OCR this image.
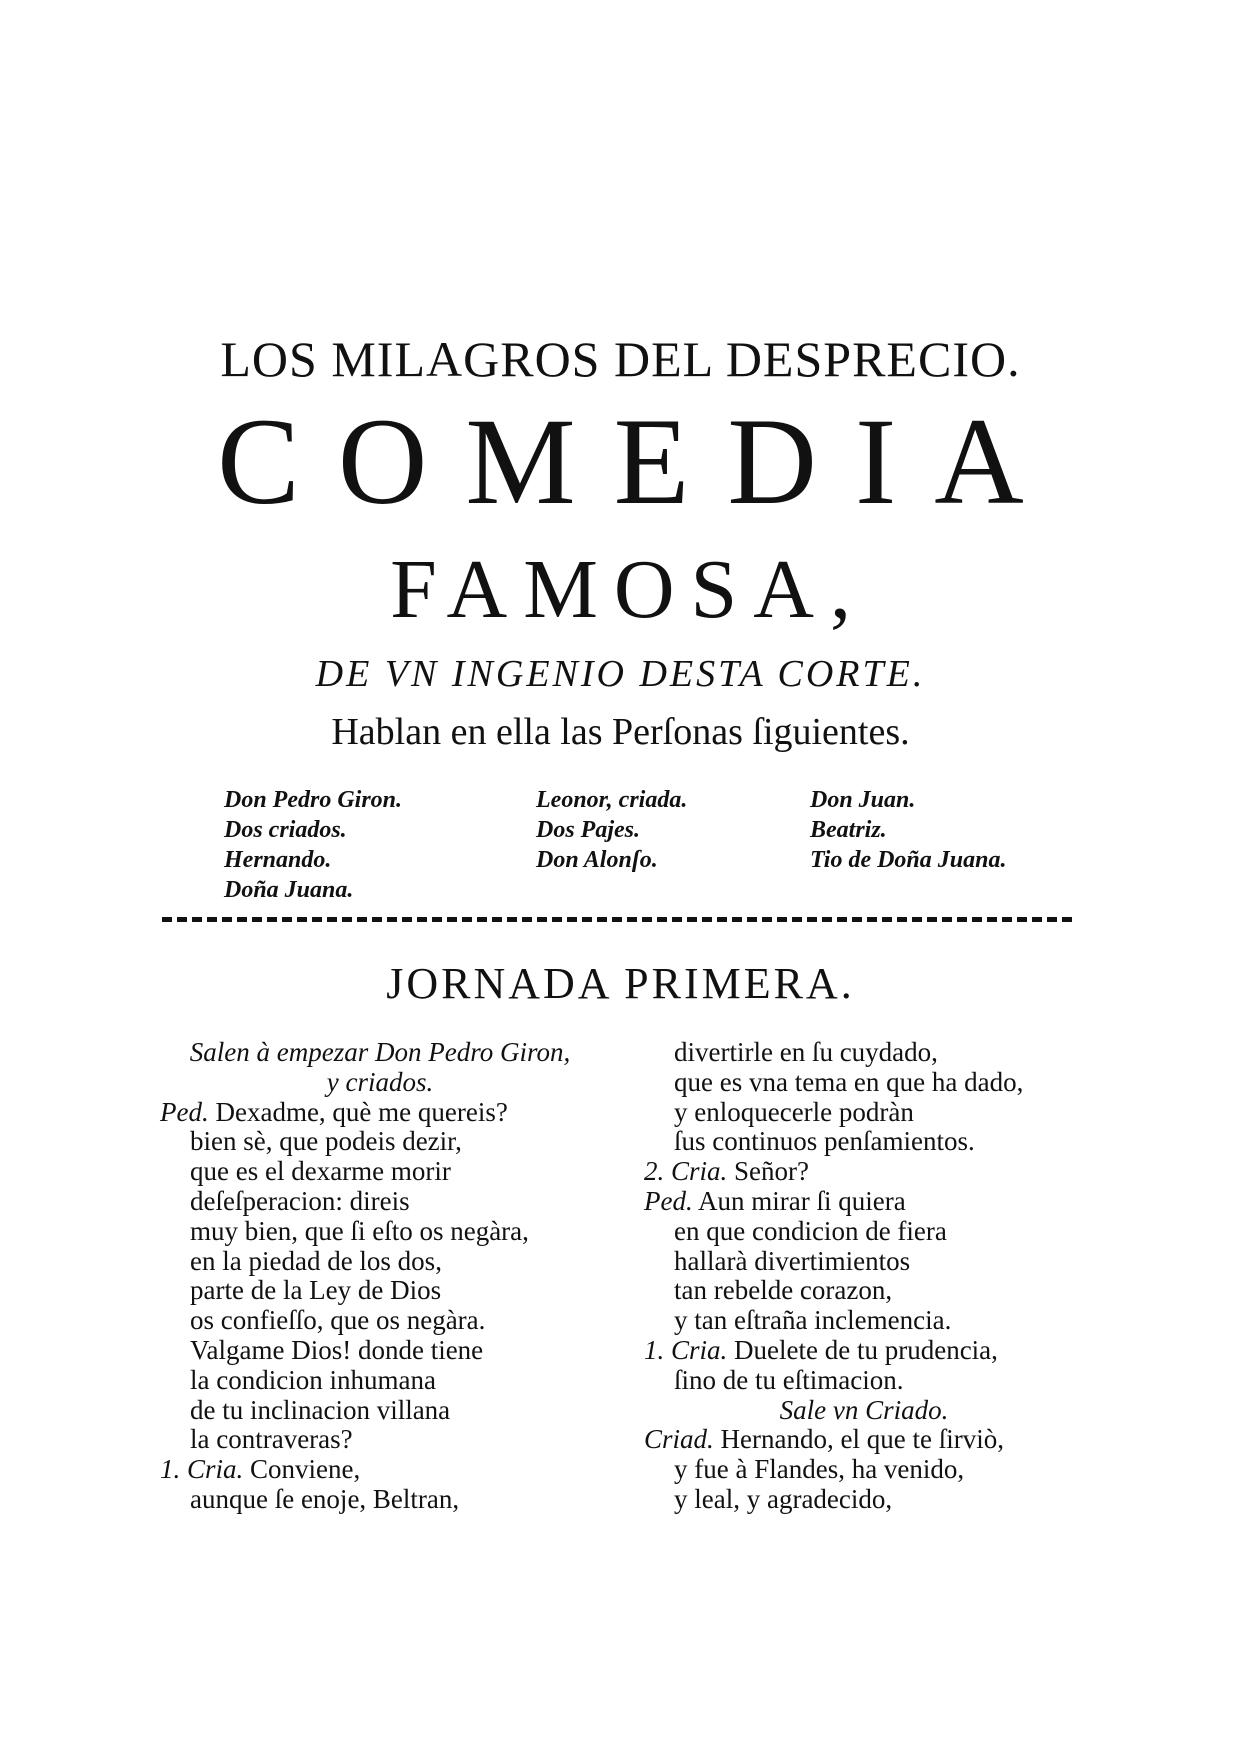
LOS MILAGROS DEL DESPRECIO.
COMEDIA
FAMOSA,
DE VN INGENIO DESTA CORTE.
Hablan en ella las Perſonas ſiguientes.
Don Pedro Giron.
Dos criados.
Hernando.
Doña Juana.
Leonor, criada.
Dos Pajes.
Don Alonſo.
Don Juan.
Beatriz.
Tio de Doña Juana.
JORNADA PRIMERA.
Salen à empezar Don Pedro Giron,
y criados.
Ped. Dexadme, què me quereis?
bien sè, que podeis dezir,
que es el dexarme morir
deſeſperacion: direis
muy bien, que ſi eſto os negàra,
en la piedad de los dos,
parte de la Ley de Dios
os confieſſo, que os negàra.
Valgame Dios! donde tiene
la condicion inhumana
de tu inclinacion villana
la contraveras?
1. Cria. Conviene,
aunque ſe enoje, Beltran,
divertirle en ſu cuydado,
que es vna tema en que ha dado,
y enloquecerle podràn
ſus continuos penſamientos.
2. Cria. Señor?
Ped. Aun mirar ſi quiera
en que condicion de fiera
hallarà divertimientos
tan rebelde corazon,
y tan eſtraña inclemencia.
1. Cria. Duelete de tu prudencia,
ſino de tu eſtimacion.
Sale vn Criado.
Criad. Hernando, el que te ſirviò,
y fue à Flandes, ha venido,
y leal, y agradecido,
